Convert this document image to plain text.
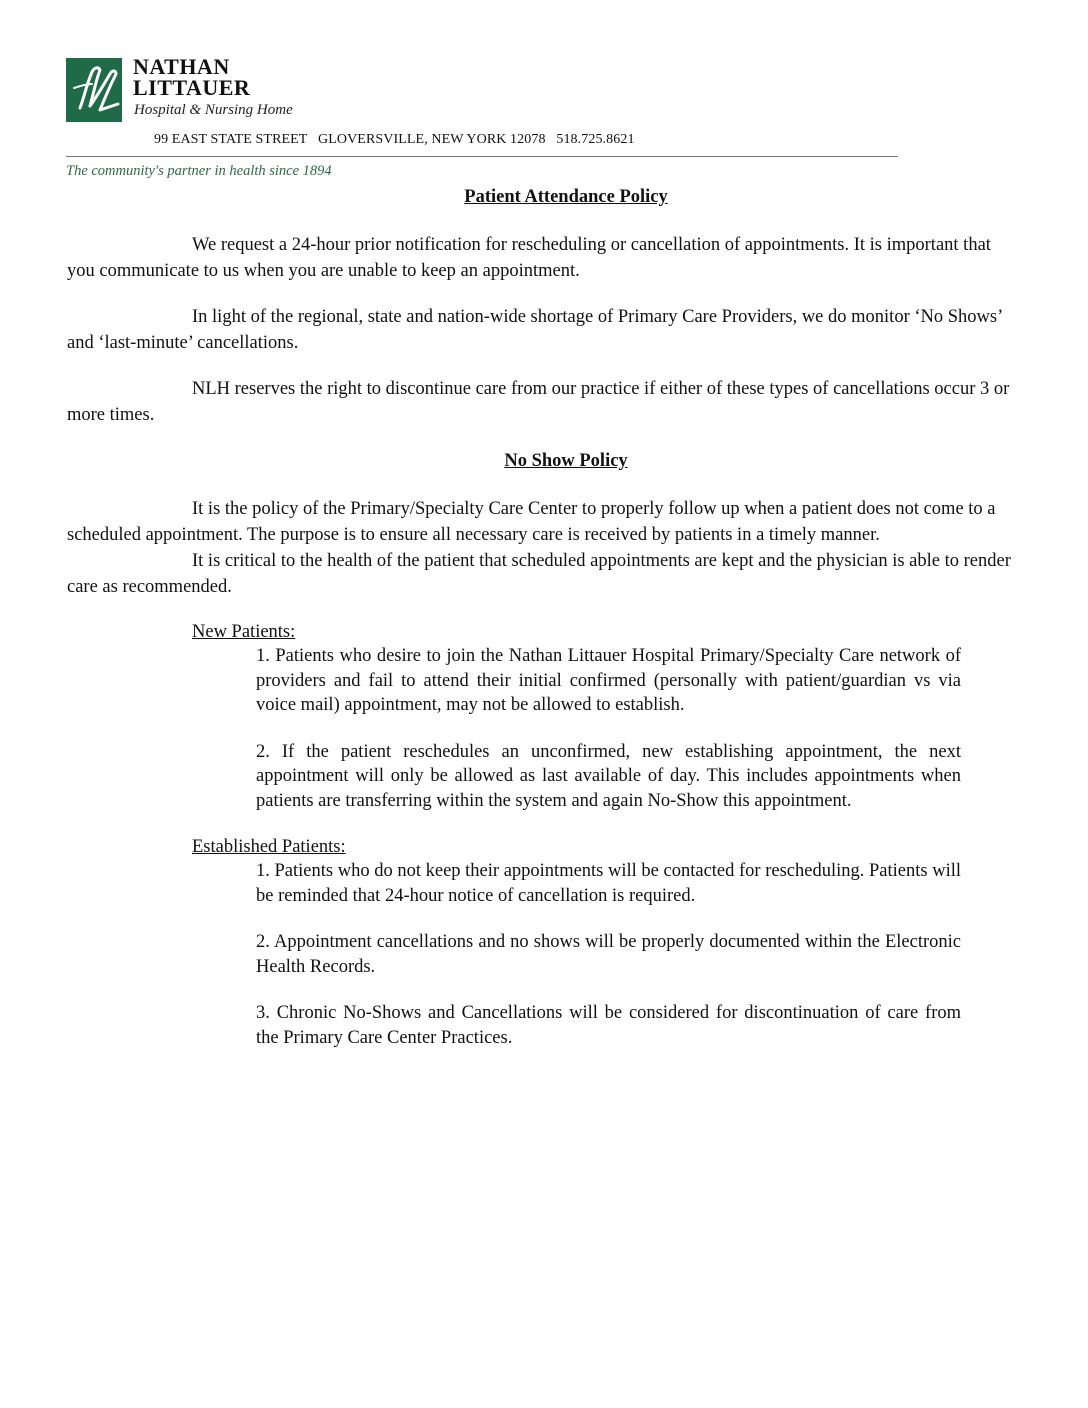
NATHAN
LITTAUER
Hospital & Nursing Home
99 EAST STATE STREET   GLOVERSVILLE, NEW YORK 12078   518.725.8621
The community's partner in health since 1894

Patient Attendance Policy

We request a 24-hour prior notification for rescheduling or cancellation of appointments. It is important that you communicate to us when you are unable to keep an appointment.

In light of the regional, state and nation-wide shortage of Primary Care Providers, we do monitor ‘No Shows’ and ‘last-minute’ cancellations.

NLH reserves the right to discontinue care from our practice if either of these types of cancellations occur 3 or more times.

No Show Policy

It is the policy of the Primary/Specialty Care Center to properly follow up when a patient does not come to a scheduled appointment. The purpose is to ensure all necessary care is received by patients in a timely manner.

It is critical to the health of the patient that scheduled appointments are kept and the physician is able to render care as recommended.

New Patients:

1. Patients who desire to join the Nathan Littauer Hospital Primary/Specialty Care network of providers and fail to attend their initial confirmed (personally with patient/guardian vs via voice mail) appointment, may not be allowed to establish.

2. If the patient reschedules an unconfirmed, new establishing appointment, the next appointment will only be allowed as last available of day. This includes appointments when patients are transferring within the system and again No-Show this appointment.

Established Patients:

1. Patients who do not keep their appointments will be contacted for rescheduling. Patients will be reminded that 24-hour notice of cancellation is required.

2. Appointment cancellations and no shows will be properly documented within the Electronic Health Records.

3. Chronic No-Shows and Cancellations will be considered for discontinuation of care from the Primary Care Center Practices.
